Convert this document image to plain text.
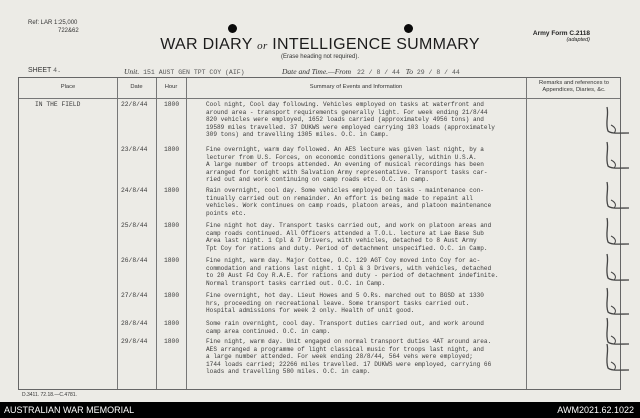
Ref: LAR 1:25,000
722&62	Army Form C.2118
(adapted)
WAR DIARY or INTELLIGENCE SUMMARY
(Erase heading not required).
SHEET 4.	Unit. 151 AUST GEN TPT COY (AIF)	Date and Time.—From 22 / 8 / 44 To 29 / 8 / 44
Place	Date	Hour	Summary of Events and Information
Remarks and references to Appendices, Diaries, &c.
IN THE FIELD	22/8/44	1800	Cool night, Cool day following. Vehicles employed on tasks at waterfront and
around area - transport requirements generally light. For week ending 21/8/44
820 vehicles were employed, 1652 loads carried (approximately 4956 tons) and
19589 miles travelled. 37 DUKWS were employed carrying 103 loads (approximately
309 tons) and travelling 1305 miles. O.C. in Camp.
23/8/44	1800	Fine overnight, warm day followed. An AES lecture was given last night, by a
lecturer from U.S. Forces, on economic conditions generally, within U.S.A.
A large number of troops attended. An evening of musical recordings has been
arranged for tonight with Salvation Army representative. Transport tasks car-
ried out and work continuing on camp roads etc. O.C. in camp.
24/8/44	1800	Rain overnight, cool day. Some vehicles employed on tasks - maintenance con-
tinually carried out on remainder. An effort is being made to repaint all
vehicles. Work continues on camp roads, platoon areas, and platoon maintenance
points etc.
25/8/44	1800	Fine night hot day. Transport tasks carried out, and work on platoon areas and
camp roads continued. All Officers attended a T.O.L. lecture at Lae Base Sub
Area last night. 1 Cpl & 7 Drivers, with vehicles, detached to 8 Aust Army
Tpt Coy for rations and duty. Period of detachment unspecified. O.C. in Camp.
26/8/44	1800	Fine night, warm day. Major Cottee, O.C. 129 AGT Coy moved into Coy for ac-
commodation and rations last night. 1 Cpl & 3 Drivers, with vehicles, detached
to 20 Aust Fd Coy R.A.E. for rations and duty - period of detachment indefinite.
Normal transport tasks carried out. O.C. in Camp.
27/8/44	1800	Fine overnight, hot day. Lieut Howes and 5 O.Rs. marched out to BGSD at 1330
hrs, proceeding on recreational leave. Some transport tasks carried out.
Hospital admissions for week 2 only. Health of unit good.
28/8/44	1800	Some rain overnight, cool day. Transport duties carried out, and work around
camp area continued. O.C. in camp.
29/8/44	1800	Fine night, warm day. Unit engaged on normal transport duties 4AT around area.
AES arranged a programme of light classical music for troops last night, and
a large number attended. For week ending 28/8/44, 564 vehs were employed;
1744 loads carried; 22266 miles travelled. 17 DUKWS were employed, carrying 66
loads and travelling 580 miles. O.C. in camp.
D.3411. 72.18.—C.4781.
AUSTRALIAN WAR MEMORIAL	AWM2021.62.1022
